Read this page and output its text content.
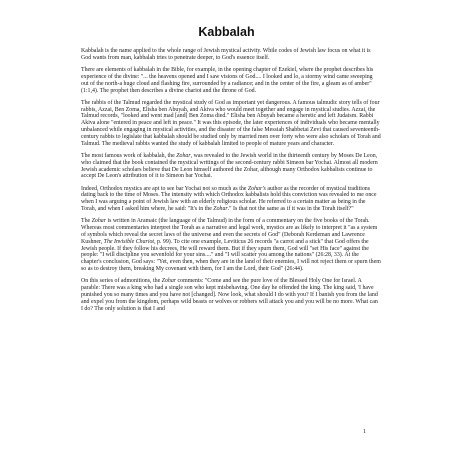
Kabbalah

Kabbalah is the name applied to the whole range of Jewish mystical activity. While codes of Jewish law focus on what it is God wants from man, kabbalah tries to penetrate deeper, to God's essence itself.

There are elements of kabbalah in the Bible, for example, in the opening chapter of Ezekiel, where the prophet describes his experience of the divine: "... the heavens opened and I saw visions of God.... I looked and lo, a stormy wind came sweeping out of the north-a huge cloud and flashing fire, surrounded by a radiance; and in the center of the fire, a gleam as of amber" (1:1,4). The prophet then describes a divine chariot and the throne of God.

The rabbis of the Talmud regarded the mystical study of God as important yet dangerous. A famous talmudic story tells of four rabbis, Azzai, Ben Zoma, Elisha ben Abuyah, and Akiva who would meet together and engage in mystical studies. Azzai, the Talmud records, "looked and went mad [and] Ben Zoma died." Elisha ben Abuyah became a heretic and left Judaism. Rabbi Akiva alone "entered in peace and left in peace." It was this episode, the later experiences of individuals who became mentally unbalanced while engaging in mystical activities, and the disaster of the false Messiah Shabbetai Zevi that caused seventeenth-century rabbis to legislate that kabbalah should be studied only by married men over forty who were also scholars of Torah and Talmud. The medieval rabbis wanted the study of kabbalah limited to people of mature years and character.

The most famous work of kabbalah, the Zohar, was revealed to the Jewish world in the thirteenth century by Moses De Leon, who claimed that the book contained the mystical writings of the second-century rabbi Simeon bar Yochai. Almost all modern Jewish academic scholars believe that De Leon himself authored the Zohar, although many Orthodox kabbalists continue to accept De Leon's attribution of it to Simeon bar Yochai.

Indeed, Orthodox mystics are apt to see bar Yochai not so much as the Zohar's author as the recorder of mystical traditions dating back to the time of Moses. The intensity with which Orthodox kabbalists hold this conviction was revealed to me once when I was arguing a point of Jewish law with an elderly religious scholar. He referred to a certain matter as being in the Torah, and when I asked him where, he said: "It's in the Zohar." Is that not the same as if it was in the Torah itself?"

The Zohar is written in Aramaic (the language of the Talmud) in the form of a commentary on the five books of the Torah. Whereas most commentaries interpret the Torah as a narrative and legal work, mystics are as likely to interpret it "as a system of symbols which reveal the secret laws of the universe and even the secrets of God" (Deborah Kerdeman and Lawrence Kushner, The Invisible Chariot, p. 99). To cite one example, Leviticus 26 records "a carrot and a stick" that God offers the Jewish people. If they follow his decrees, He will reward them. But if they spurn them, God will "set His face" against the people: "I will discipline you sevenfold for your sins...." and "I will scatter you among the nations" (26:28, 33). At the chapter's conclusion, God says: "Yet, even then, when they are in the land of their enemies, I will not reject them or spurn them so as to destroy them, breaking My covenant with them, for I am the Lord, their God" (26:44).

On this series of admonitions, the Zohar comments: "Come and see the pure love of the Blessed Holy One for Israel. A parable: There was a king who had a single son who kept misbehaving. One day he offended the king. The king said, 'I have punished you so many times and you have not [changed]. Now look, what should I do with you? If I banish you from the land and expel you from the kingdom, perhaps wild beasts or wolves or robbers will attack you and you will be no more. What can I do? The only solution is that I and

1
